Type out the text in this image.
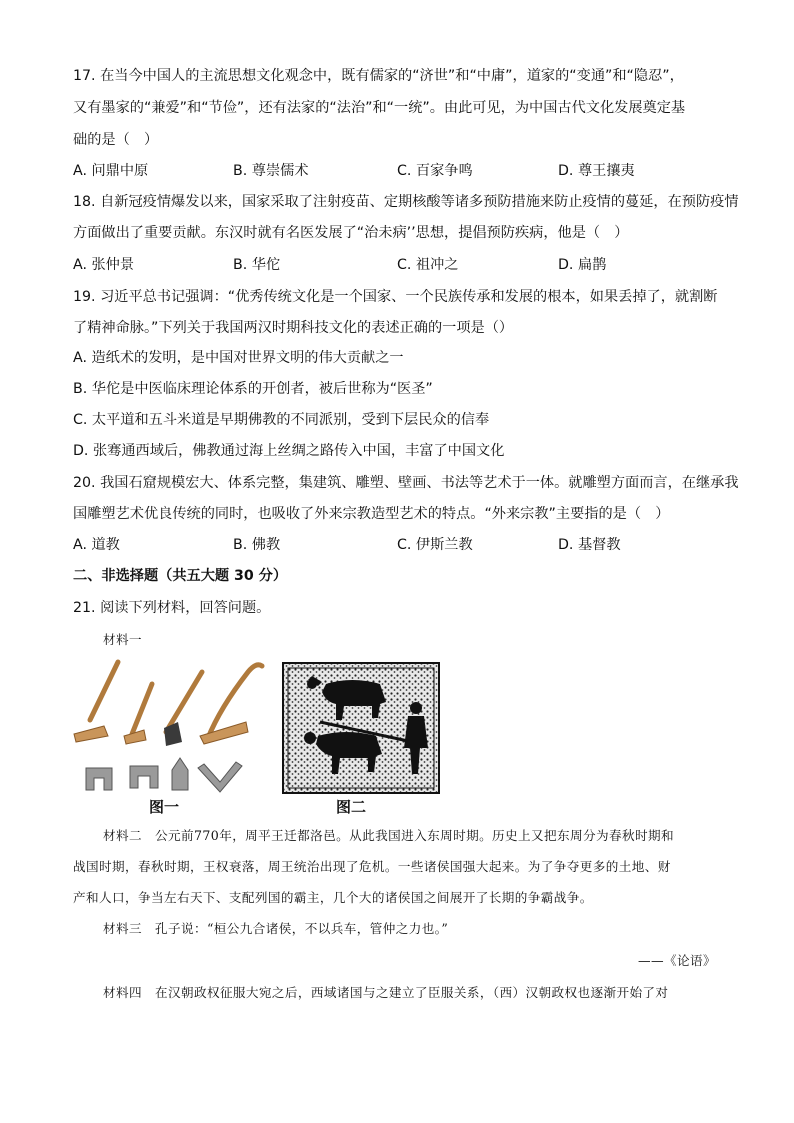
17. 在当今中国人的主流思想文化观念中，既有儒家的“济世”和“中庸”，道家的“变通”和“隐忍”，
又有墨家的“兼爱”和“节俭”，还有法家的“法治”和“一统”。由此可见，为中国古代文化发展奠定基
础的是（　）
A. 问鼎中原	B. 尊崇儒术	C. 百家争鸣	D. 尊王攘夷
18. 自新冠疫情爆发以来，国家采取了注射疫苗、定期核酸等诸多预防措施来防止疫情的蔓延，在预防疫情
方面做出了重要贡献。东汉时就有名医发展了“治未病’’思想，提倡预防疾病，他是（　）
A. 张仲景	B. 华佗	C. 祖冲之	D. 扁鹊
19. 习近平总书记强调：“优秀传统文化是一个国家、一个民族传承和发展的根本，如果丢掉了，就割断
了精神命脉。”下列关于我国两汉时期科技文化的表述正确的一项是（）
A. 造纸术的发明，是中国对世界文明的伟大贡献之一
B. 华佗是中医临床理论体系的开创者，被后世称为“医圣”
C. 太平道和五斗米道是早期佛教的不同派别，受到下层民众的信奉
D. 张骞通西域后，佛教通过海上丝绸之路传入中国，丰富了中国文化
20. 我国石窟规模宏大、体系完整，集建筑、雕塑、壁画、书法等艺术于一体。就雕塑方面而言，在继承我
国雕塑艺术优良传统的同时，也吸收了外来宗教造型艺术的特点。“外来宗教”主要指的是（　）
A. 道教	B. 佛教	C. 伊斯兰教	D. 基督教
二、非选择题（共五大题 30 分）
21. 阅读下列材料，回答问题。
材料一
图一	图二
材料二　公元前770年，周平王迁都洛邑。从此我国进入东周时期。历史上又把东周分为春秋时期和
战国时期，春秋时期，王权衰落，周王统治出现了危机。一些诸侯国强大起来。为了争夺更多的土地、财
产和人口，争当左右天下、支配列国的霸主，几个大的诸侯国之间展开了长期的争霸战争。
材料三　孔子说：“桓公九合诸侯，不以兵车，管仲之力也。”
——《论语》
材料四　在汉朝政权征服大宛之后，西域诸国与之建立了臣服关系，（西）汉朝政权也逐渐开始了对
